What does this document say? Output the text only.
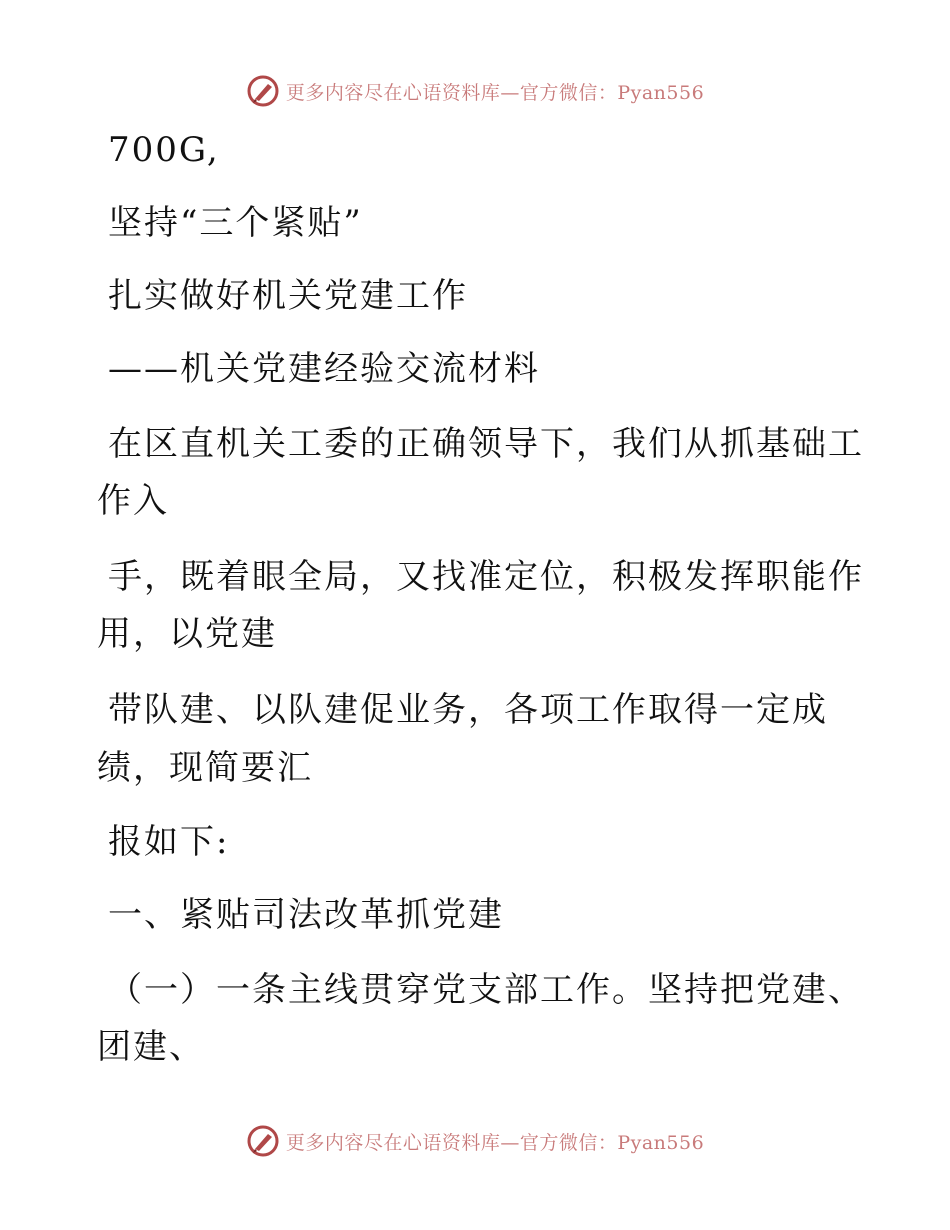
更多内容尽在心语资料库—官方微信：Pyan556
700G,
坚持“三个紧贴”
扎实做好机关党建工作
——机关党建经验交流材料
在区直机关工委的正确领导下，我们从抓基础工
作入
手，既着眼全局，又找准定位，积极发挥职能作
用，以党建
带队建、以队建促业务，各项工作取得一定成
绩，现简要汇
报如下:
一、紧贴司法改革抓党建
（一）一条主线贯穿党支部工作。坚持把党建、
团建、
更多内容尽在心语资料库—官方微信：Pyan556
